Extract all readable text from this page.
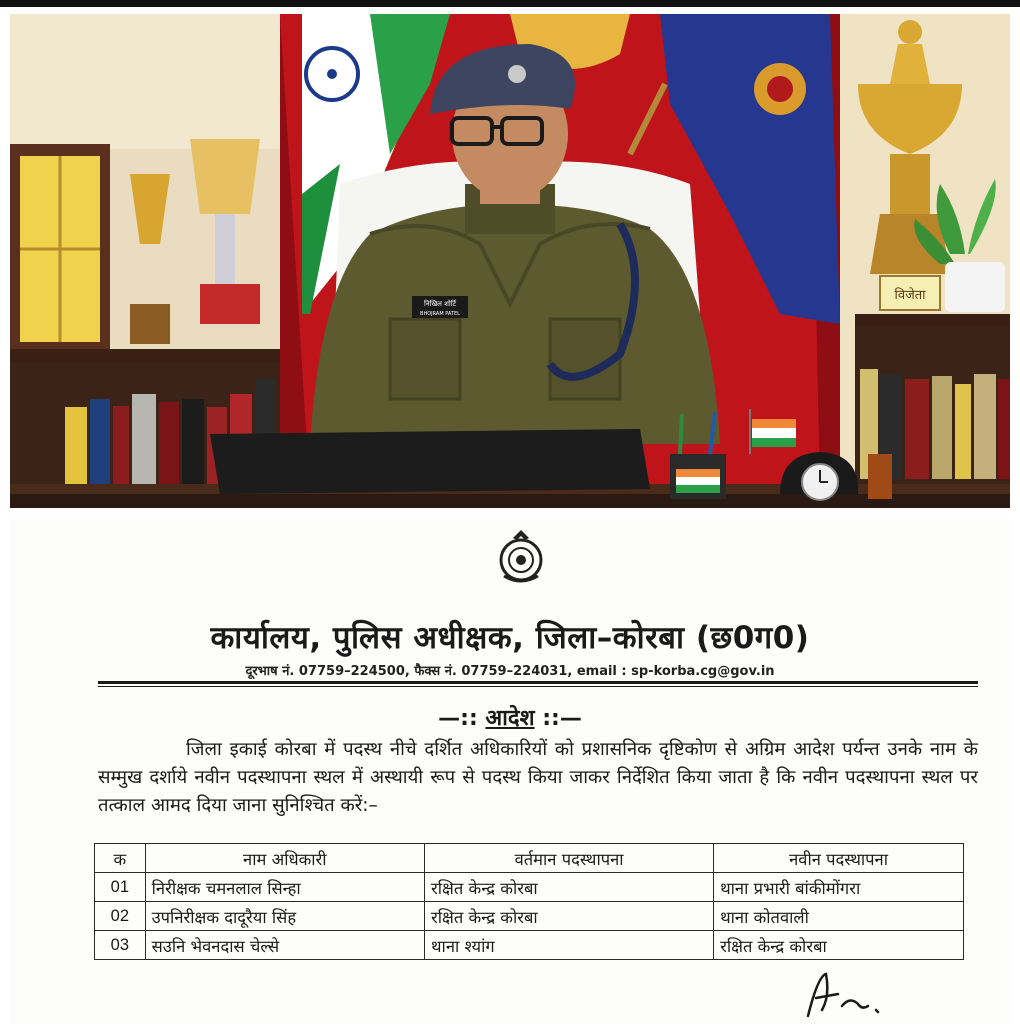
विजेता
निखिल शोर्टि
BHOJRAM PATEL
कार्यालय, पुलिस अधीक्षक, जिला–कोरबा (छ0ग0)
दूरभाष नं. 07759–224500, फैक्स नं. 07759–224031, email : sp-korba.cg@gov.in
—:: आदेश ::—
जिला इकाई कोरबा में पदस्थ नीचे दर्शित अधिकारियों को प्रशासनिक दृष्टिकोण से अग्रिम आदेश पर्यन्त उनके नाम के सम्मुख दर्शाये नवीन पदस्थापना स्थल में अस्थायी रूप से पदस्थ किया जाकर निर्देशित किया जाता है कि नवीन पदस्थापना स्थल पर तत्काल आमद दिया जाना सुनिश्चित करें:–
क	नाम अधिकारी	वर्तमान पदस्थापना	नवीन पदस्थापना
01	निरीक्षक चमनलाल सिन्हा	रक्षित केन्द्र कोरबा	थाना प्रभारी बांकीमोंगरा
02	उपनिरीक्षक दादूरैया सिंह	रक्षित केन्द्र कोरबा	थाना कोतवाली
03	सउनि भेवनदास चेल्से	थाना श्यांग	रक्षित केन्द्र कोरबा
